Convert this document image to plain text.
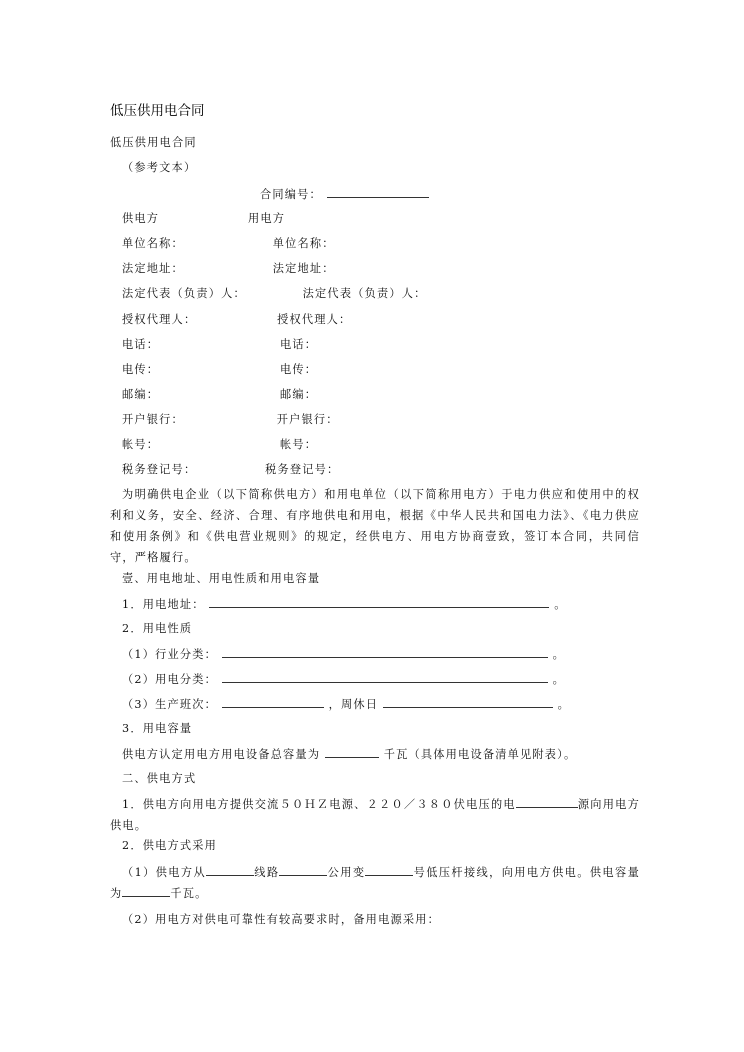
低压供用电合同
低压供用电合同
（参考文本）
合同编号：
供电方	用电方
单位名称：	单位名称：
法定地址：	法定地址：
法定代表（负责）人：	法定代表（负责）人：
授权代理人：	授权代理人：
电话：	电话：
电传：	电传：
邮编：	邮编：
开户银行：	开户银行：
帐号：	帐号：
税务登记号：	税务登记号：
为明确供电企业（以下简称供电方）和用电单位（以下简称用电方）于电力供应和使用中的权利和义务，安全、经济、合理、有序地供电和用电，根据《中华人民共和国电力法》、《电力供应和使用条例》和《供电营业规则》的规定，经供电方、用电方协商壹致，签订本合同，共同信守，严格履行。
壹、用电地址、用电性质和用电容量
1．用电地址：	。
2．用电性质
（1）行业分类：	。
（2）用电分类：	。
（3）生产班次：	，周休日	。
3．用电容量
供电方认定用电方用电设备总容量为	千瓦（具体用电设备清单见附表）。
二、供电方式
1．供电方向用电方提供交流５０ＨＺ电源、２２０／３８０伏电压的电	源向用电方供电。
2．供电方式采用
（1）供电方从	线路	公用变	号低压杆接线，向用电方供电。供电容量为	千瓦。
（2）用电方对供电可靠性有较高要求时，备用电源采用：
